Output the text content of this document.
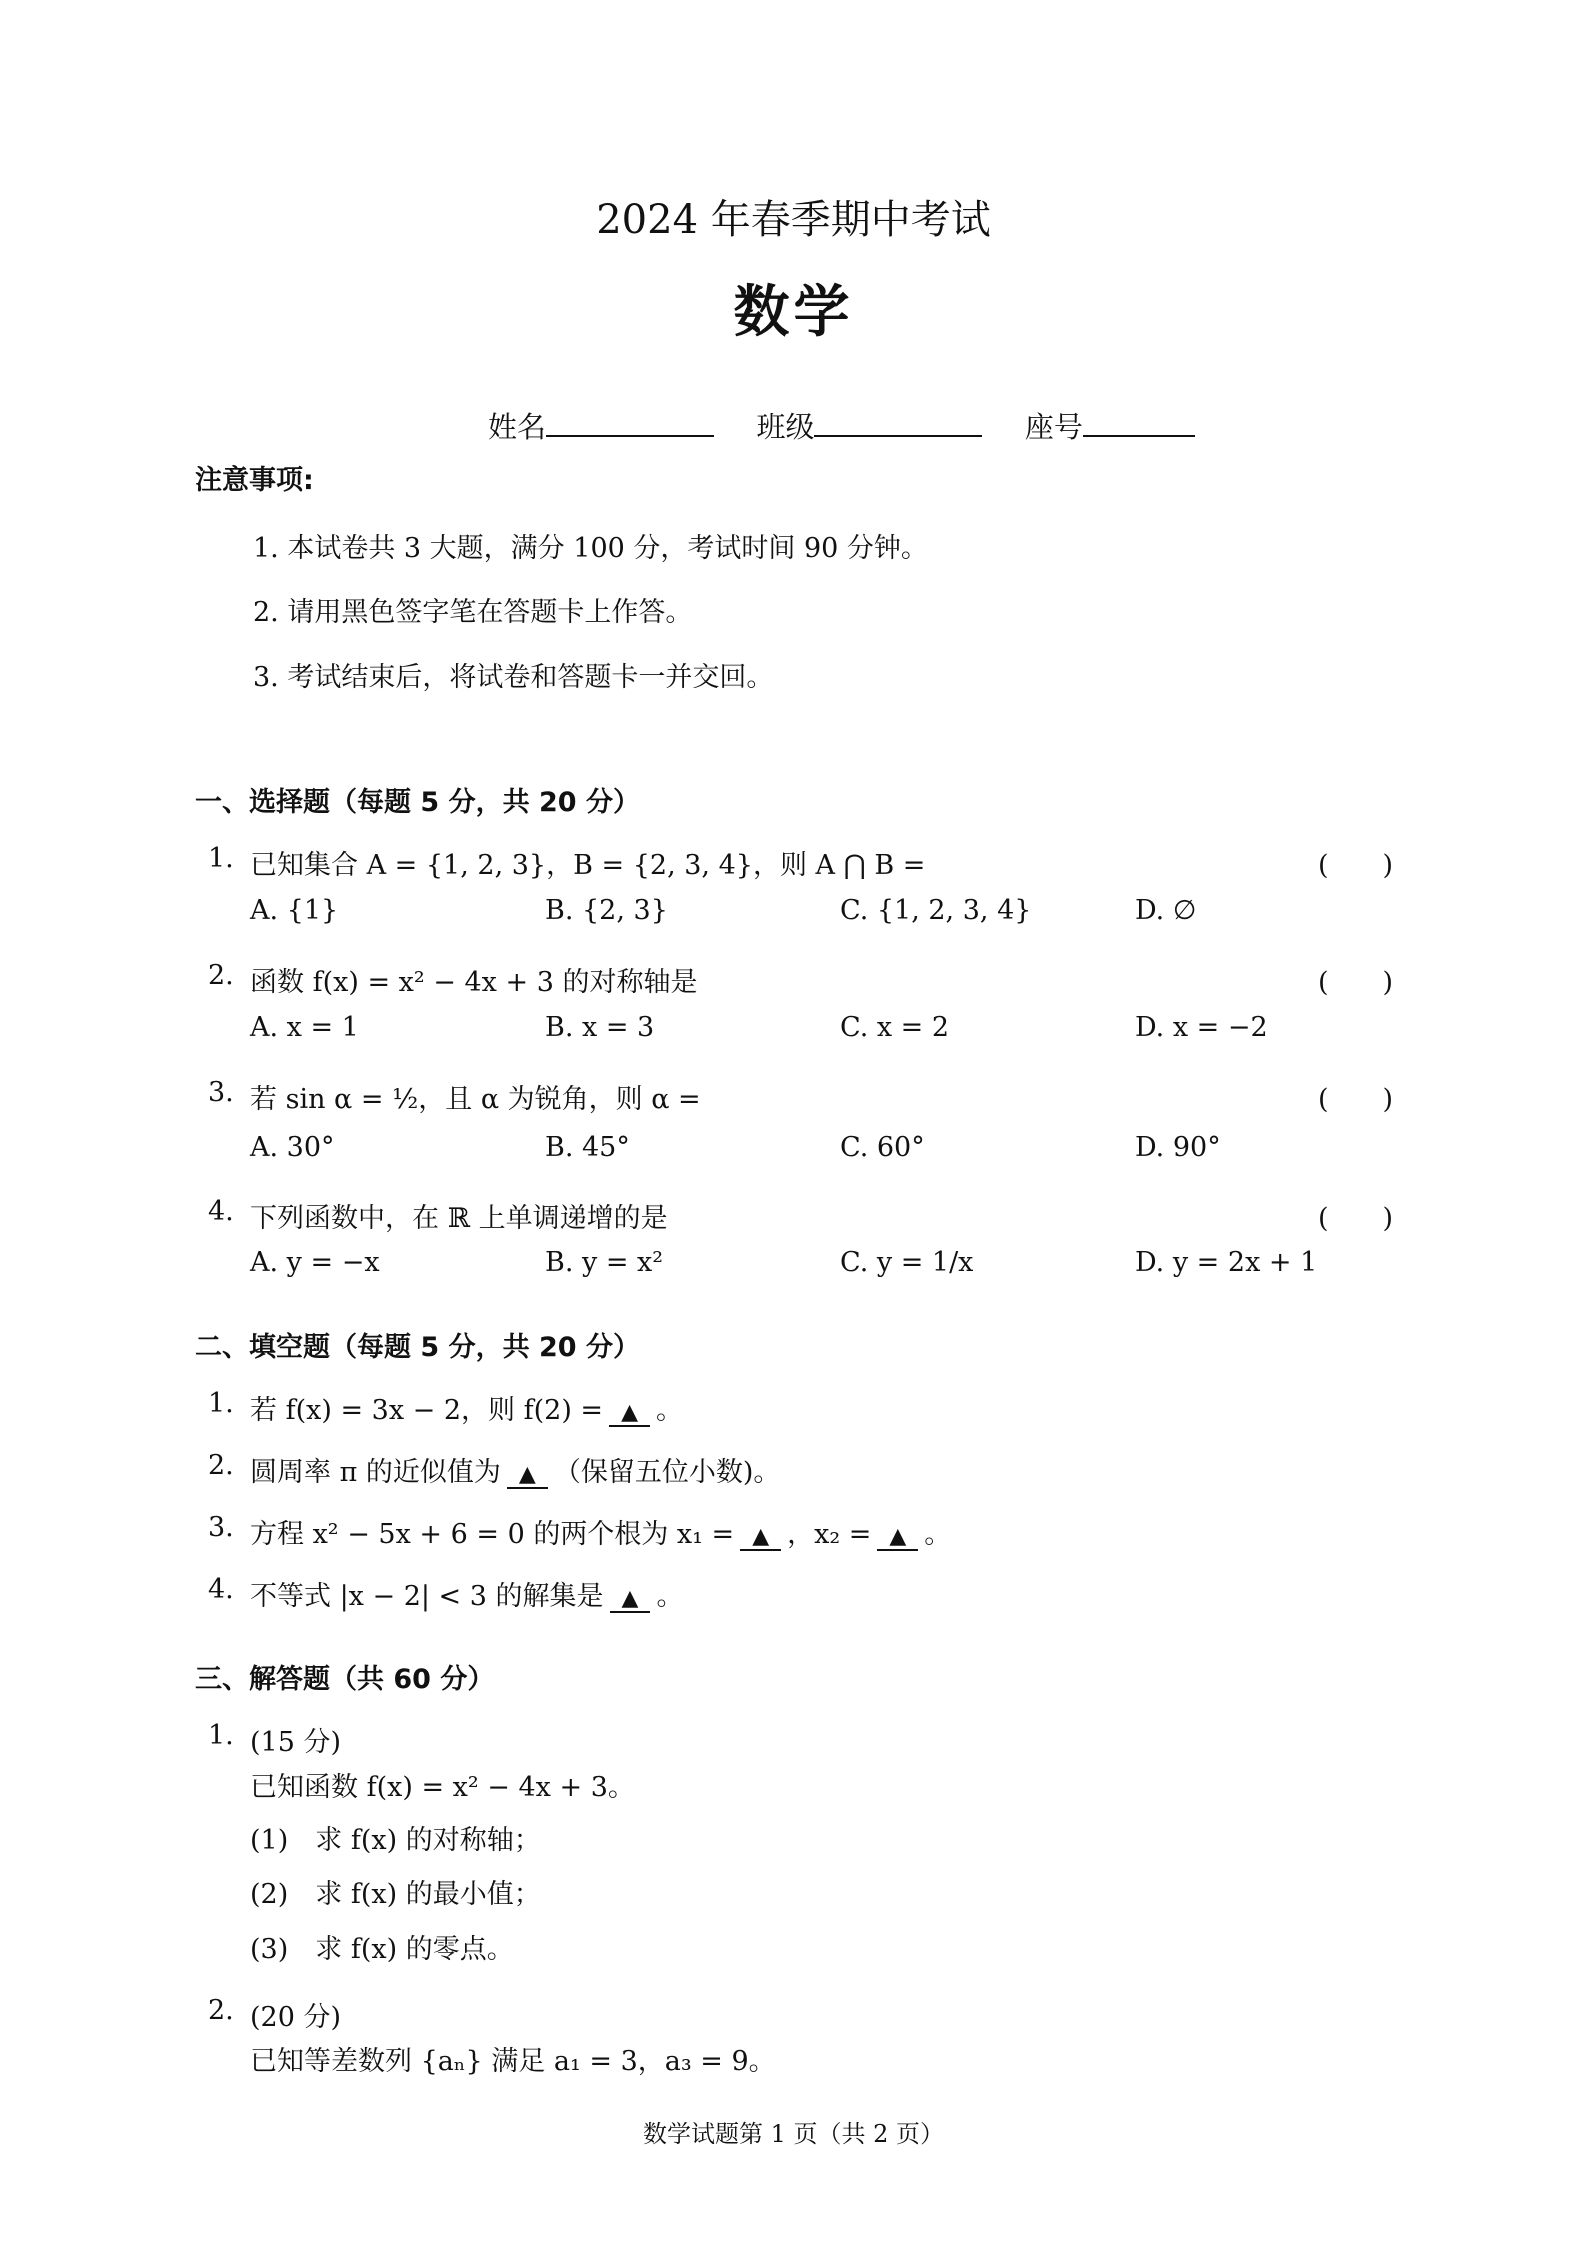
2024 年春季期中考试
数学
姓名	班级	座号
注意事项:
1. 本试卷共 3 大题，满分 100 分，考试时间 90 分钟。
2. 请用黑色签字笔在答题卡上作答。
3. 考试结束后，将试卷和答题卡一并交回。
一、选择题（每题 5 分，共 20 分）
1. 已知集合 A = {1, 2, 3}，B = {2, 3, 4}，则 A ⋂ B =	(　　)
A. {1}	B. {2, 3}	C. {1, 2, 3, 4}	D. ∅
2. 函数 f(x) = x² − 4x + 3 的对称轴是	(　　)
A. x = 1	B. x = 3	C. x = 2	D. x = −2
3. 若 sin α = ½，且 α 为锐角，则 α =	(　　)
A. 30°	B. 45°	C. 60°	D. 90°
4. 下列函数中，在 ℝ 上单调递增的是	(　　)
A. y = −x	B. y = x²	C. y = 1/x	D. y = 2x + 1
二、填空题（每题 5 分，共 20 分）
1. 若 f(x) = 3x − 2，则 f(2) = ▲ 。
2. 圆周率 π 的近似值为 ▲ （保留五位小数)。
3. 方程 x² − 5x + 6 = 0 的两个根为 x₁ = ▲ ，x₂ = ▲ 。
4. 不等式 |x − 2| < 3 的解集是 ▲ 。
三、解答题（共 60 分）
1. (15 分)
已知函数 f(x) = x² − 4x + 3。
(1)　求 f(x) 的对称轴；
(2)　求 f(x) 的最小值；
(3)　求 f(x) 的零点。
2. (20 分)
已知等差数列 {aₙ} 满足 a₁ = 3，a₃ = 9。
数学试题第 1 页（共 2 页）
